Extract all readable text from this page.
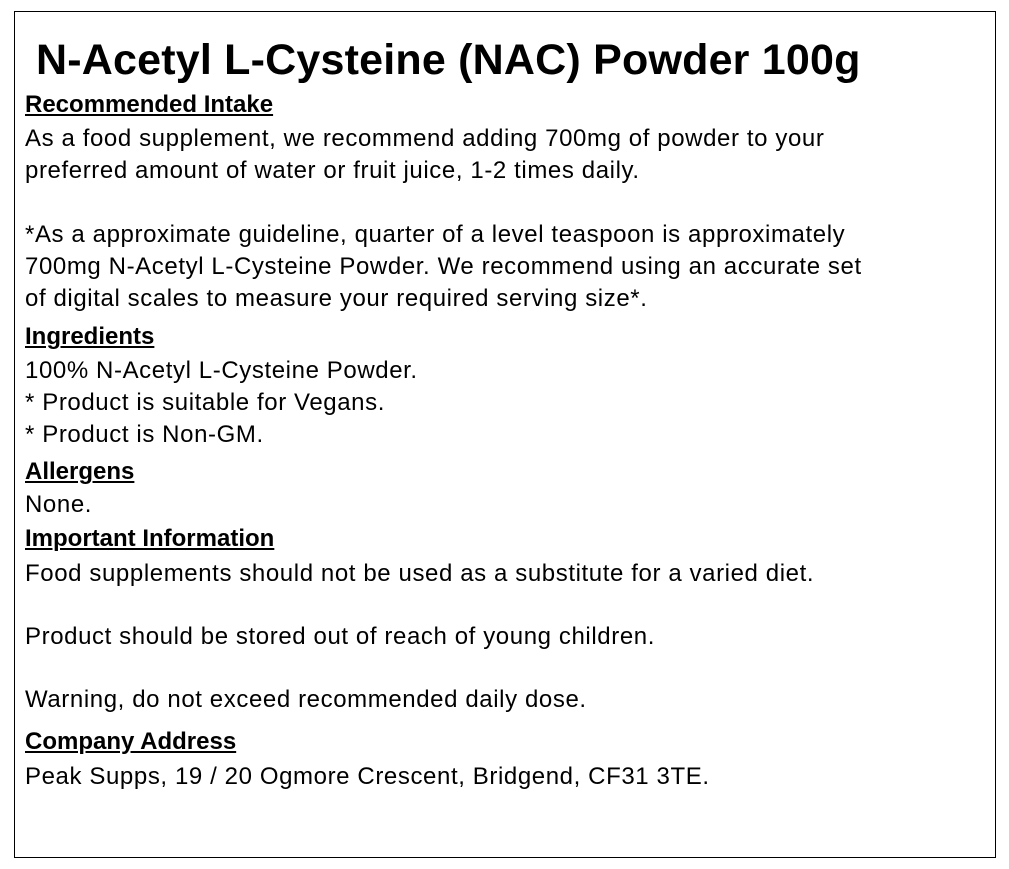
N-Acetyl L-Cysteine (NAC) Powder 100g
Recommended Intake

As a food supplement, we recommend adding 700mg of powder to your

preferred amount of water or fruit juice, 1-2 times daily.

*As a approximate guideline, quarter of a level teaspoon is approximately

700mg N-Acetyl L-Cysteine Powder. We recommend using an accurate set

of digital scales to measure your required serving size*.

Ingredients

100% N-Acetyl L-Cysteine Powder.

* Product is suitable for Vegans.

* Product is Non-GM.

Allergens

None.

Important Information

Food supplements should not be used as a substitute for a varied diet.

Product should be stored out of reach of young children.

Warning, do not exceed recommended daily dose.

Company Address

Peak Supps, 19 / 20 Ogmore Crescent, Bridgend, CF31 3TE.
